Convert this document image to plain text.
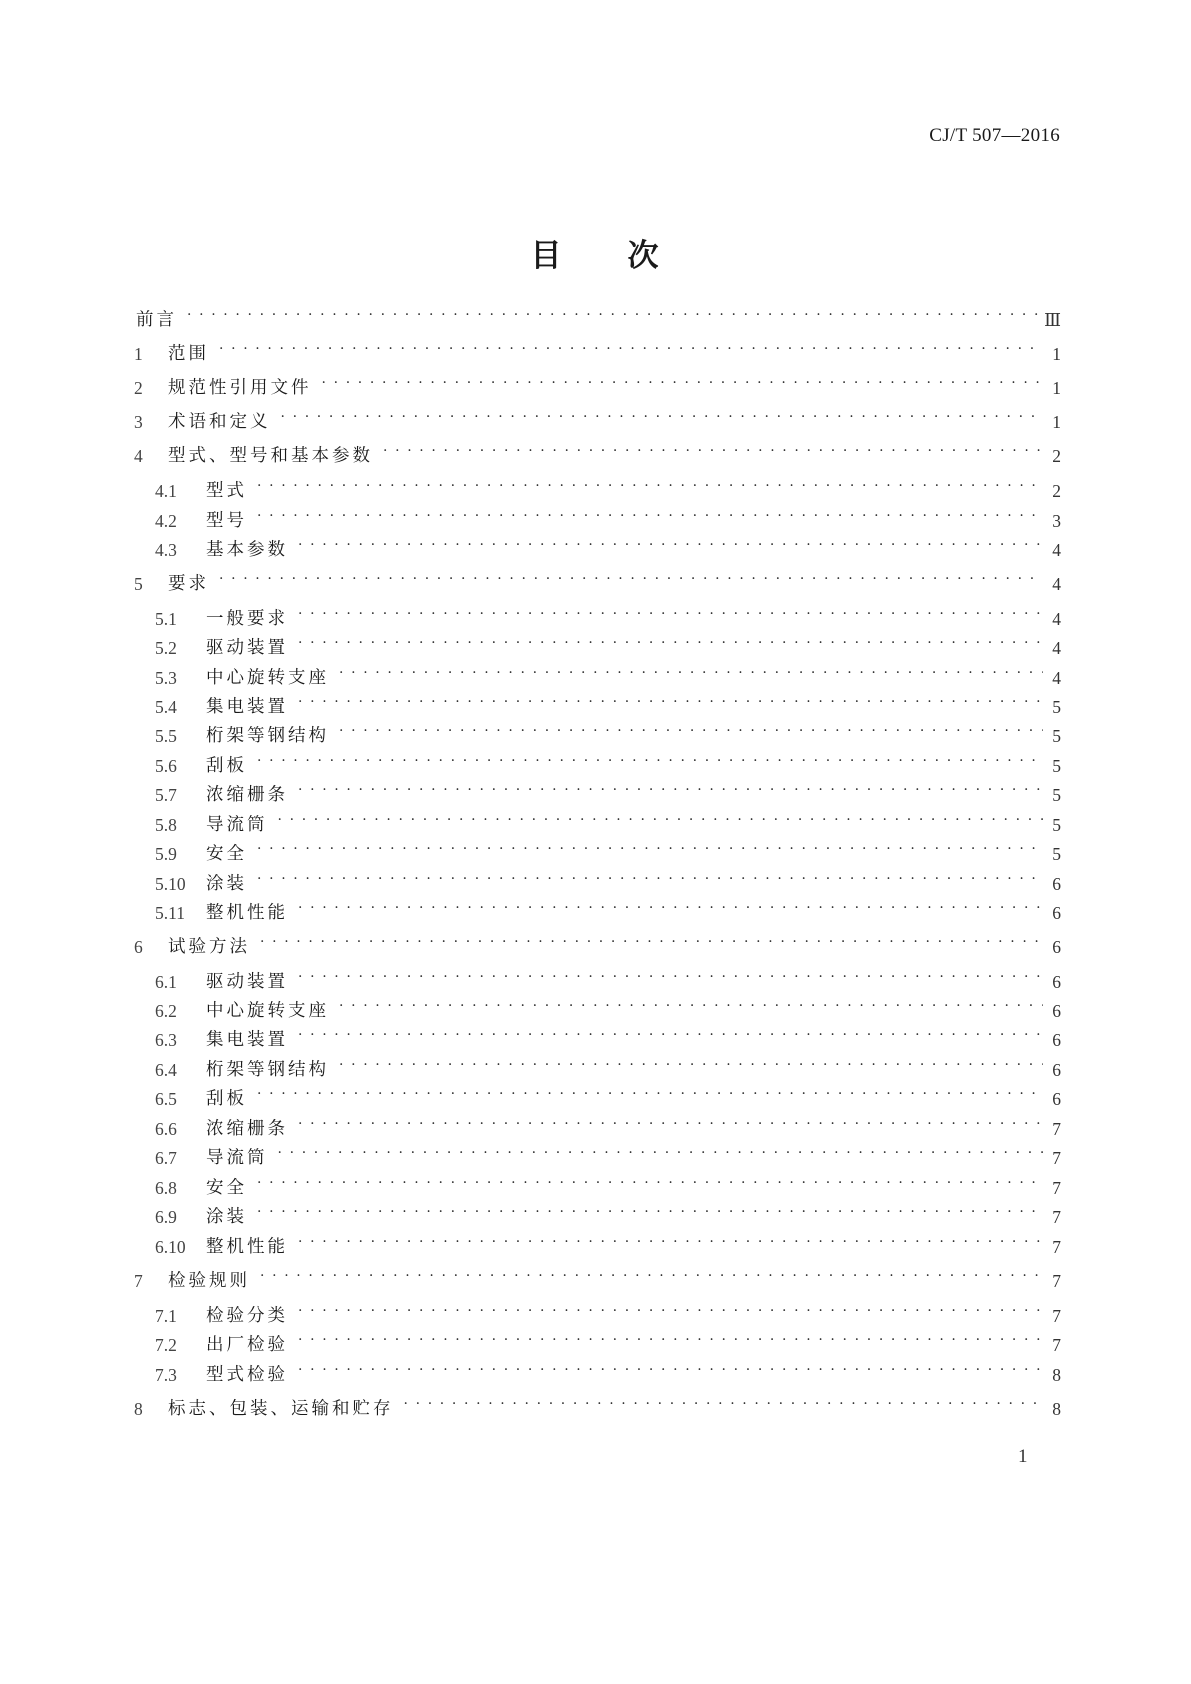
CJ/T 507—2016
目 次
前言 · · ·	Ⅲ
1	范围 · · ·	1
2	规范性引用文件 · · ·	1
3	术语和定义 · · ·	1
4	型式、型号和基本参数 · · ·	2
4.1	型式 · · ·	2
4.2	型号 · · ·	3
4.3	基本参数 · · ·	4
5	要求 · · ·	4
5.1	一般要求 · · ·	4
5.2	驱动装置 · · ·	4
5.3	中心旋转支座 · · ·	4
5.4	集电装置 · · ·	5
5.5	桁架等钢结构 · · ·	5
5.6	刮板 · · ·	5
5.7	浓缩栅条 · · ·	5
5.8	导流筒 · · ·	5
5.9	安全 · · ·	5
5.10	涂装 · · ·	6
5.11	整机性能 · · ·	6
6	试验方法 · · ·	6
6.1	驱动装置 · · ·	6
6.2	中心旋转支座 · · ·	6
6.3	集电装置 · · ·	6
6.4	桁架等钢结构 · · ·	6
6.5	刮板 · · ·	6
6.6	浓缩栅条 · · ·	7
6.7	导流筒 · · ·	7
6.8	安全 · · ·	7
6.9	涂装 · · ·	7
6.10	整机性能 · · ·	7
7	检验规则 · · ·	7
7.1	检验分类 · · ·	7
7.2	出厂检验 · · ·	7
7.3	型式检验 · · ·	8
8	标志、包装、运输和贮存 · · ·	8
1
